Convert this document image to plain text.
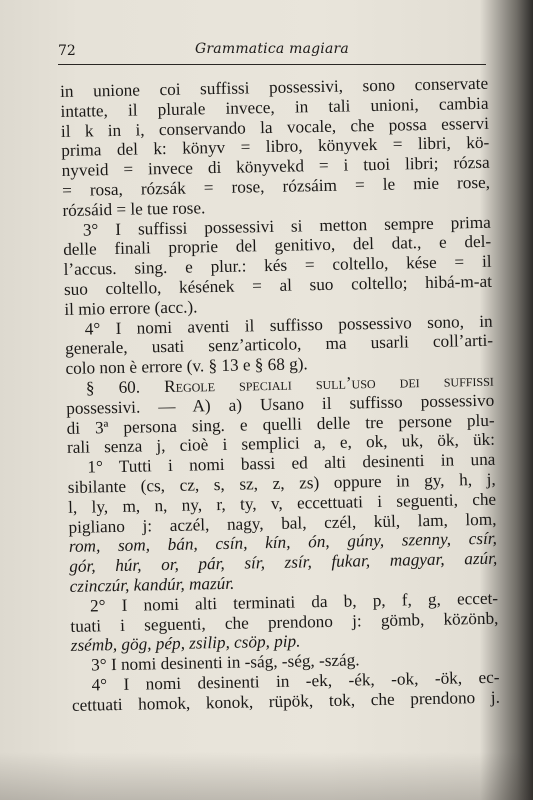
72	Grammatica magiara
in unione coi suffissi possessivi, sono conservate
intatte, il plurale invece, in tali unioni, cambia
il k in i, conservando la vocale, che possa esservi
prima del k: könyv = libro, könyvek = libri, kö-
nyveid = invece di könyvekd = i tuoi libri; rózsa
= rosa, rózsák = rose, rózsáim = le mie rose,
rózsáid = le tue rose.
3° I suffissi possessivi si metton sempre prima
delle finali proprie del genitivo, del dat., e del-
l’accus. sing. e plur.: kés = coltello, kése = il
suo coltello, késének = al suo coltello; hibá-m-at
il mio errore (acc.).
4° I nomi aventi il suffisso possessivo sono, in
generale, usati senz’articolo, ma usarli coll’arti-
colo non è errore (v. § 13 e § 68 g).
§ 60. Regole speciali sull’uso dei suffissi
possessivi. — A) a) Usano il suffisso possessivo
di 3ª persona sing. e quelli delle tre persone plu-
rali senza j, cioè i semplici a, e, ok, uk, ök, ük:
1° Tutti i nomi bassi ed alti desinenti in una
sibilante (cs, cz, s, sz, z, zs) oppure in gy, h, j,
l, ly, m, n, ny, r, ty, v, eccettuati i seguenti, che
pigliano j: aczél, nagy, bal, czél, kül, lam, lom,
rom, som, bán, csín, kín, ón, gúny, szenny, csír,
gór, húr, or, pár, sír, zsír, fukar, magyar, azúr,
czinczúr, kandúr, mazúr.
2° I nomi alti terminati da b, p, f, g, eccet-
tuati i seguenti, che prendono j: gömb, közönb,
zsémb, gög, pép, zsilip, csöp, pip.
3° I nomi desinenti in -ság, -ség, -szág.
4° I nomi desinenti in -ek, -ék, -ok, -ök, ec-
cettuati homok, konok, rüpök, tok, che prendono j.
